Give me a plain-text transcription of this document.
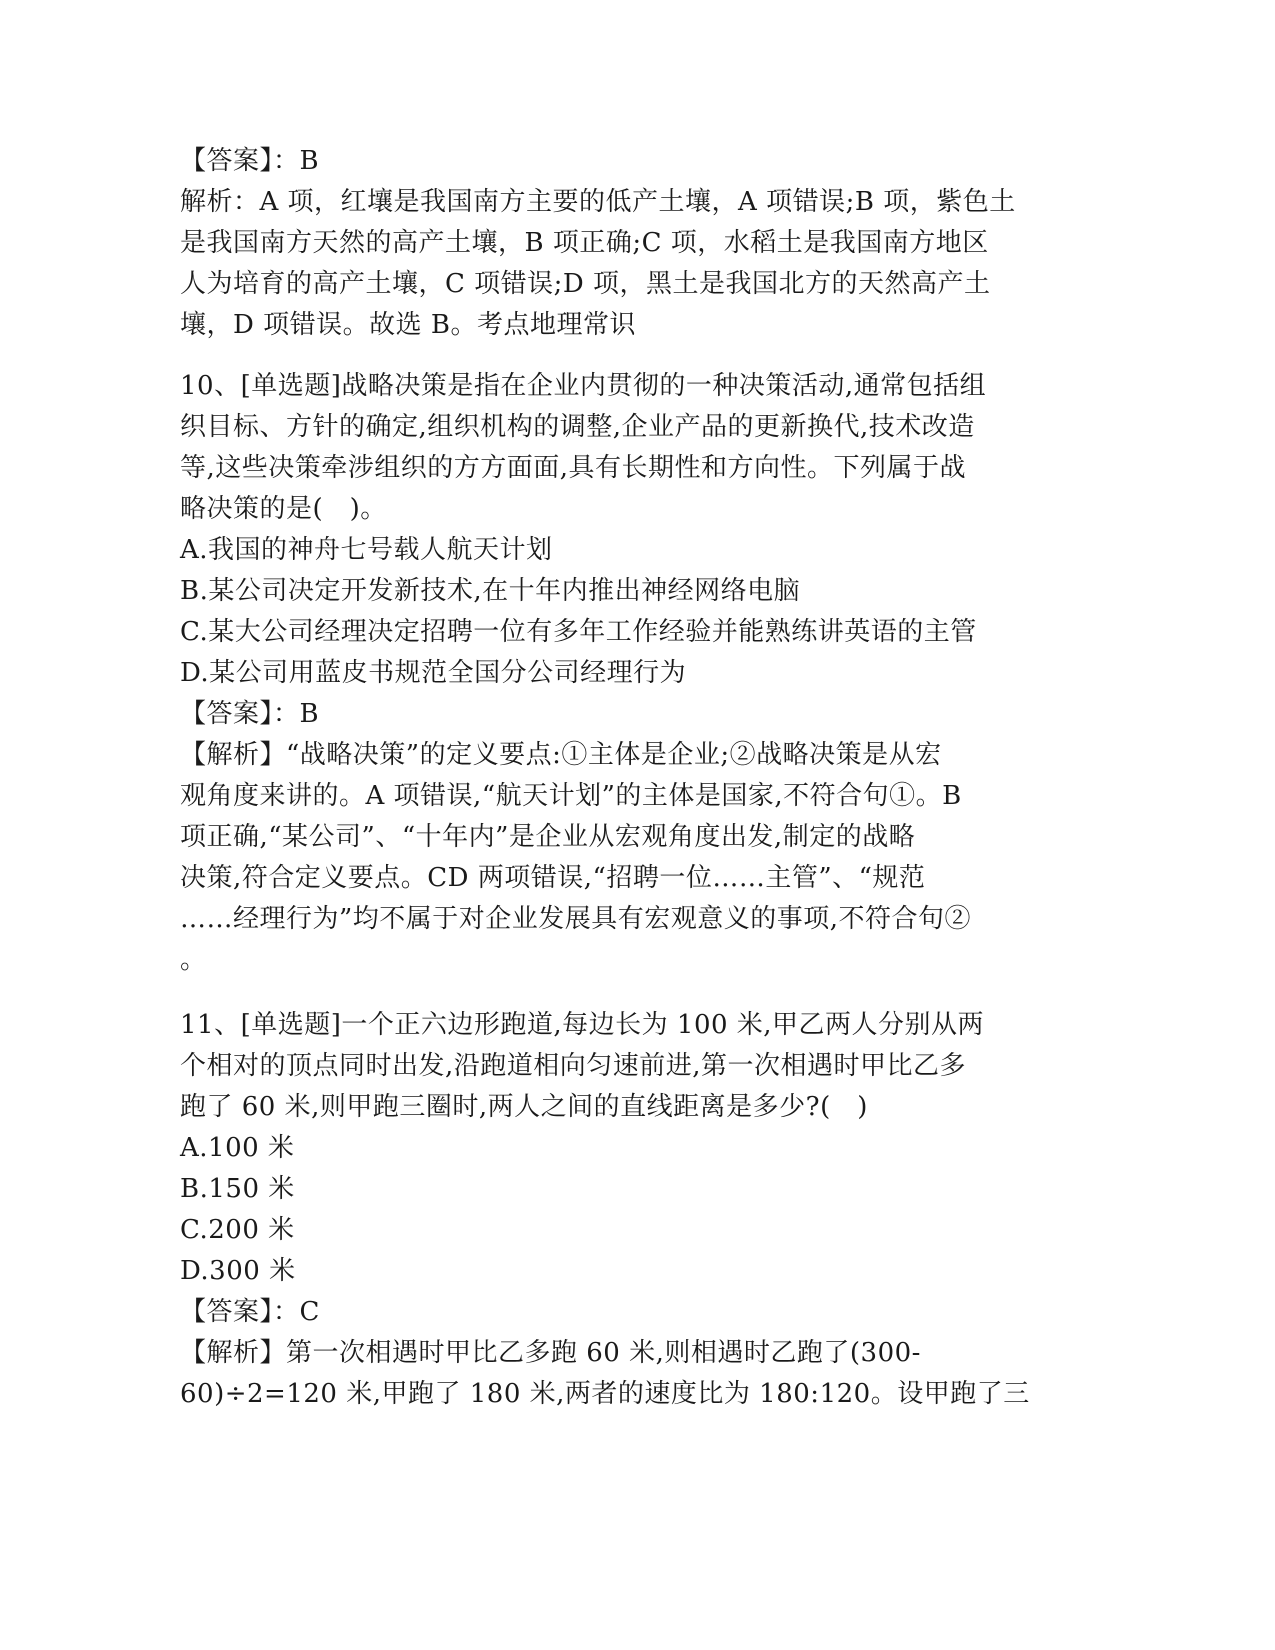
【答案】：B
解析：A 项，红壤是我国南方主要的低产土壤，A 项错误;B 项，紫色土
是我国南方天然的高产土壤，B 项正确;C 项，水稻土是我国南方地区
人为培育的高产土壤，C 项错误;D 项，黑土是我国北方的天然高产土
壤，D 项错误。故选 B。考点地理常识
10、[单选题]战略决策是指在企业内贯彻的一种决策活动,通常包括组
织目标、方针的确定,组织机构的调整,企业产品的更新换代,技术改造
等,这些决策牵涉组织的方方面面,具有长期性和方向性。下列属于战
略决策的是(　)。
A.我国的神舟七号载人航天计划
B.某公司决定开发新技术,在十年内推出神经网络电脑
C.某大公司经理决定招聘一位有多年工作经验并能熟练讲英语的主管
D.某公司用蓝皮书规范全国分公司经理行为
【答案】：B
【解析】“战略决策”的定义要点:①主体是企业;②战略决策是从宏
观角度来讲的。A 项错误,“航天计划”的主体是国家,不符合句①。B
项正确,“某公司”、“十年内”是企业从宏观角度出发,制定的战略
决策,符合定义要点。CD 两项错误,“招聘一位……主管”、“规范
……经理行为”均不属于对企业发展具有宏观意义的事项,不符合句②
。
11、[单选题]一个正六边形跑道,每边长为 100 米,甲乙两人分别从两
个相对的顶点同时出发,沿跑道相向匀速前进,第一次相遇时甲比乙多
跑了 60 米,则甲跑三圈时,两人之间的直线距离是多少?(　)
A.100 米
B.150 米
C.200 米
D.300 米
【答案】：C
【解析】第一次相遇时甲比乙多跑 60 米,则相遇时乙跑了(300-
60)÷2=120 米,甲跑了 180 米,两者的速度比为 180:120。设甲跑了三
